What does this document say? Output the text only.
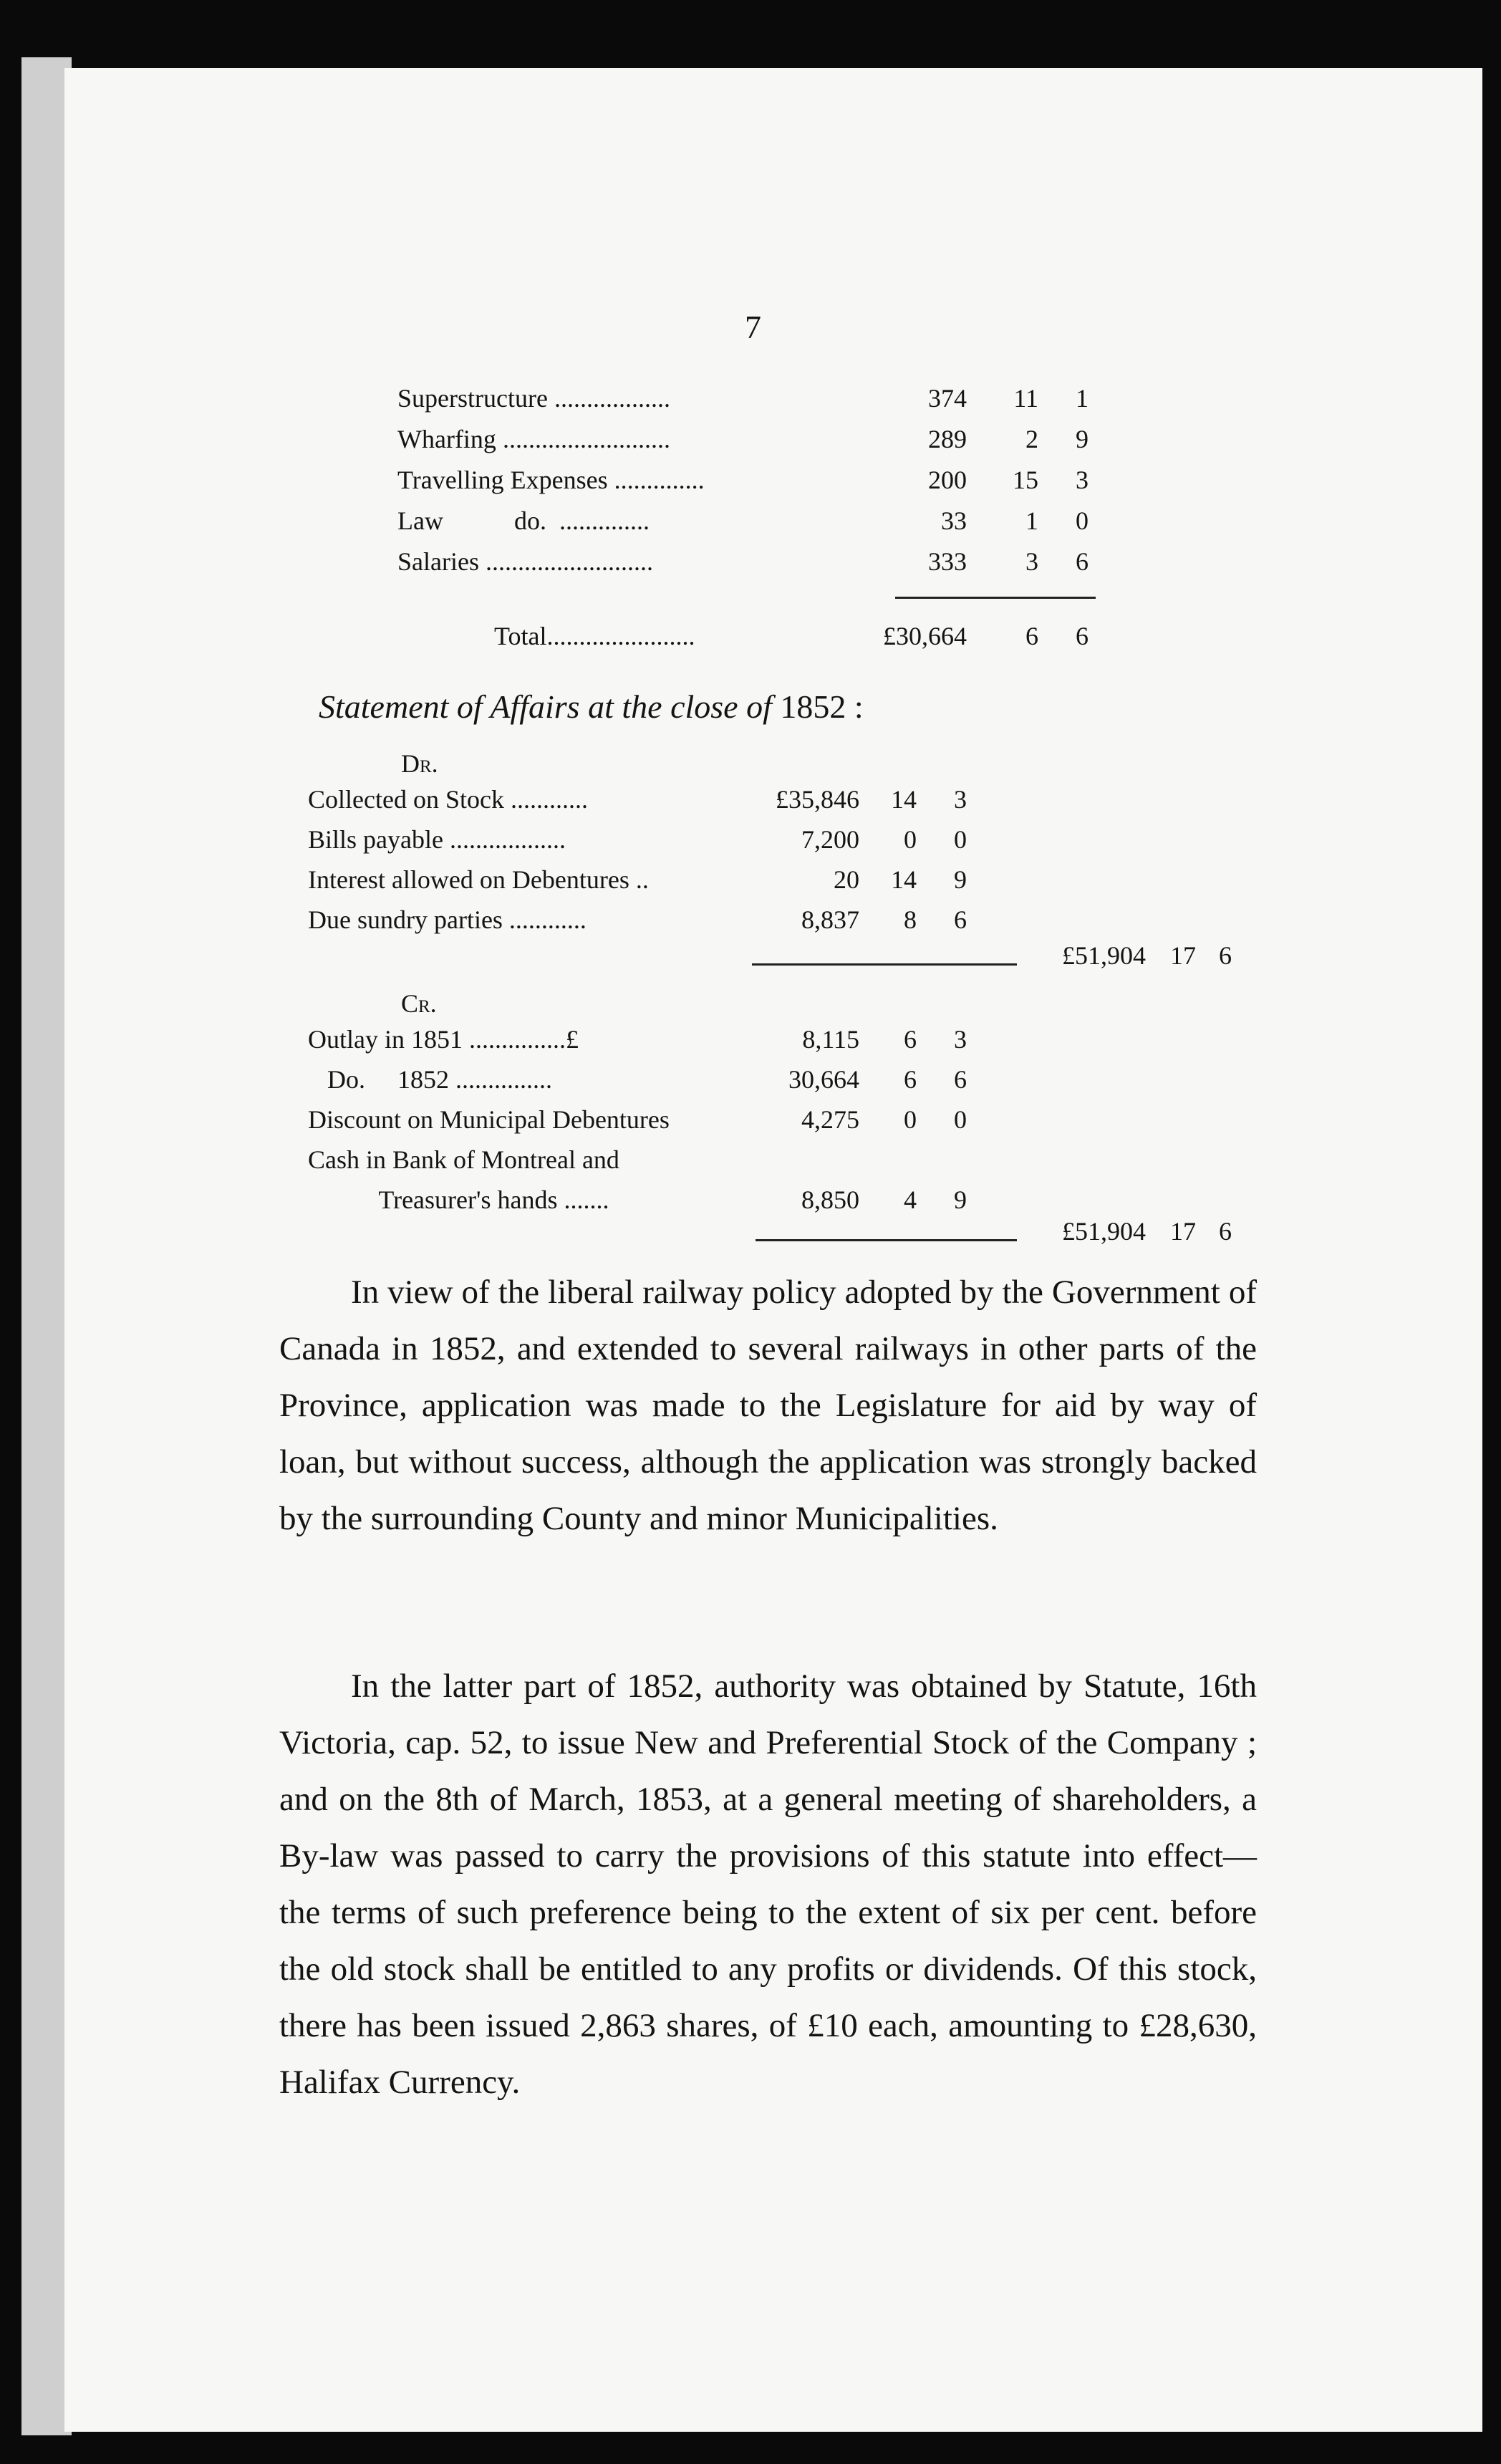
7
Superstructure ..................	374	11	1
Wharfing ..........................	289	2	9
Travelling Expenses ..............	200	15	3
Law           do.  ..............	33	1	0
Salaries ..........................	333	3	6
Total.......................	£30,664	6	6
Statement of Affairs at the close of 1852 :
Dr.
Collected on Stock ............	£35,846	14	3
Bills payable ..................	7,200	0	0
Interest allowed on Debentures ..	20	14	9
Due sundry parties ............	8,837	8	6
£51,904 17 6
Cr.
Outlay in 1851 ...............£	8,115	6	3
Do.     1852 ...............	30,664	6	6
Discount on Municipal Debentures	4,275	0	0
Cash in Bank of Montreal and
Treasurer's hands .......	8,850	4	9
£51,904 17 6
In view of the liberal railway policy adopted by the Government of Canada in 1852, and extended to several railways in other parts of the Province, application was made to the Legislature for aid by way of loan, but without success, although the application was strongly backed by the surrounding County and minor Municipalities.
In the latter part of 1852, authority was obtained by Statute, 16th Victoria, cap. 52, to issue New and Preferential Stock of the Company ; and on the 8th of March, 1853, at a general meeting of shareholders, a By-law was passed to carry the provisions of this statute into effect— the terms of such preference being to the extent of six per cent. before the old stock shall be entitled to any profits or dividends. Of this stock, there has been issued 2,863 shares, of £10 each, amounting to £28,630, Halifax Currency.
